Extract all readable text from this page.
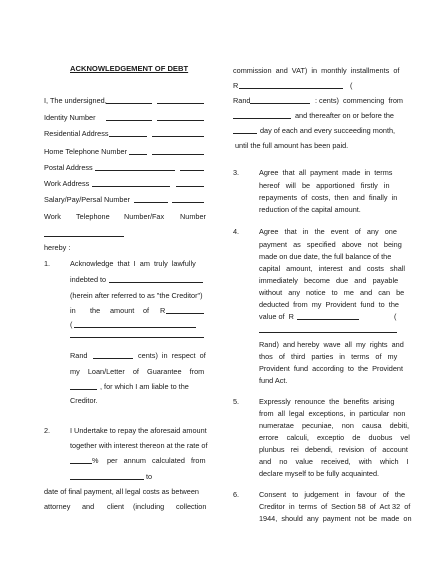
ACKNOWLEDGEMENT OF DEBT
I, The undersigned,
Identity Number
Residential Address
Home Telephone Number
Postal Address
Work Address
Salary/Pay/Persal Number
Work Telephone Number/Fax Number
hereby :
1.	Acknowledge  that  I  am  truly  lawfully
indebted to
(herein after referred to as "the Creditor")
in the amount of R
(
Rand	cents)  in  respect  of
my    Loan/Letter    of    Guarantee    from
, for which I am liable to the
Creditor.
2.	I Undertake to repay the aforesaid amount
together with interest thereon at the rate of
% per   annum   calculated   from
to
date of final payment, all legal costs as between
attorney and client (including collection
commission  and  VAT)  in  monthly  installments  of
R	(
Rand	: cents)  commencing  from
and thereafter on or before the
day of each and every succeeding month,
until the full amount has been paid.
3.	Agree  that  all  payment  made  in  terms
hereof   will   be   apportioned   firstly   in
repayments  of  costs,  then  and  finally  in
reduction of the capital amount.
4.	Agree   that   in   the   event   of   any   one
payment   as   specified   above   not   being
made on due date, the full balance of the
capital   amount,   interest   and   costs   shall
immediately   become   due   and   payable
without   any   notice   to   me   and   can   be
deducted  from  my  Provident  fund  to  the
value of  R	(
Rand)  and hereby  wave  all  my  rights  and
thos   of   third   parties   in   terms   of   my
Provident  fund  according  to  the  Provident
fund Act.
5.	Expressly  renounce  the  benefits  arising
from  all  legal  exceptions,  in  particular  non
numeratae    pecuniae,    non    causa    debiti,
errore    calculi,    exceptio    de    duobus    vel
plunbus   rei   debendi,   revision   of   account
and    no    value    received,    with    which    I
declare myself to be fully acquainted.
6.	Consent   to   judgement   in   favour   of   the
Creditor  in  terms  of  Section 58  of  Act 32  of
1944,  should  any  payment  not  be  made  on
